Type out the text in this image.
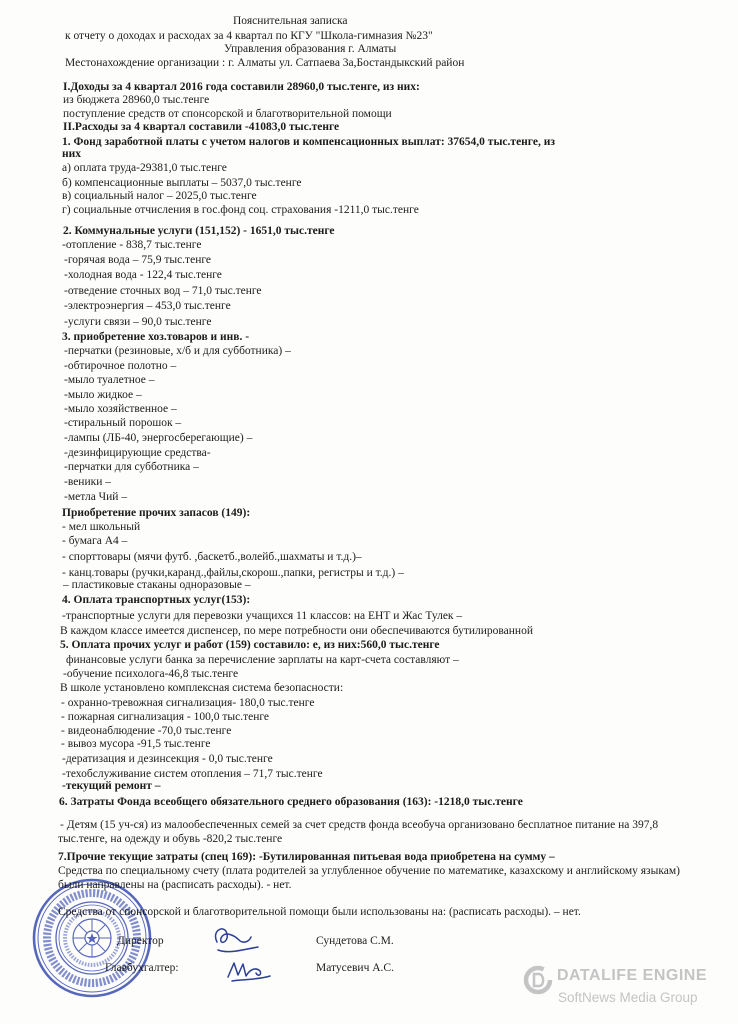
Пояснительная записка
к отчету о доходах и расходах за 4 квартал по КГУ "Школа-гимназия №23"
Управления образования г. Алматы
Местонахождение организации : г. Алматы ул. Сатпаева 3а,Бостандыкский район
I.Доходы за 4 квартал 2016 года составили 28960,0 тыс.тенге, из них:
из бюджета 28960,0 тыс.тенге
поступление средств от спонсорской и благотворительной помощи
II.Расходы за 4 квартал составили -41083,0 тыс.тенге
1. Фонд заработной платы с учетом налогов и компенсационных выплат: 37654,0 тыс.тенге, из
них
а) оплата труда-29381,0 тыс.тенге
б) компенсационные выплаты – 5037,0 тыс.тенге
в) социальный налог – 2025,0 тыс.тенге
г) социальные отчисления в гос.фонд соц. страхования -1211,0 тыс.тенге
2. Коммунальные услуги (151,152) - 1651,0 тыс.тенге
-отопление - 838,7 тыс.тенге
-горячая вода – 75,9 тыс.тенге
-холодная вода - 122,4 тыс.тенге
-отведение сточных вод – 71,0 тыс.тенге
-электроэнергия – 453,0 тыс.тенге
-услуги связи – 90,0 тыс.тенге
3. приобретение хоз.товаров и инв. -
-перчатки (резиновые, х/б и для субботника) –
-обтирочное полотно –
-мыло туалетное –
-мыло жидкое –
-мыло хозяйственное –
-стиральный порошок –
-лампы (ЛБ-40, энергосберегающие) –
-дезинфицирующие средства-
-перчатки для субботника –
-веники –
-метла Чий –
Приобретение прочих запасов (149):
- мел школьный
- бумага А4 –
- спорттовары (мячи футб. ,баскетб.,волейб.,шахматы и т.д.)–
- канц.товары (ручки,каранд.,файлы,скорош.,папки, регистры и т.д.) –
– пластиковые стаканы одноразовые –
4. Оплата транспортных услуг(153):
-транспортные услуги для перевозки учащихся 11 классов: на ЕНТ и Жас Тулек –
В каждом классе имеется диспенсер, по мере потребности они обеспечиваются бутилированной
5. Оплата прочих услуг и работ (159) составило: е, из них:560,0 тыс.тенге
финансовые услуги банка за перечисление зарплаты на карт-счета составляют –
-обучение психолога-46,8 тыс.тенге
В школе установлено комплексная система безопасности:
- охранно-тревожная сигнализация- 180,0 тыс.тенге
- пожарная сигнализация - 100,0 тыс.тенге
- видеонаблюдение -70,0 тыс.тенге
- вывоз мусора -91,5 тыс.тенге
-дератизация и дезинсекция - 0,0 тыс.тенге
-техобслуживание систем отопления – 71,7 тыс.тенге
-текущий ремонт –
6. Затраты Фонда всеобщего обязательного среднего образования (163): -1218,0 тыс.тенге
- Детям (15 уч-ся) из малообеспеченных семей за счет средств фонда всеобуча организовано бесплатное питание на 397,8
тыс.тенге, на одежду и обувь -820,2 тыс.тенге
7.Прочие текущие затраты (спец 169): -Бутилированная питьевая вода приобретена на сумму –
Средства по специальному счету (плата родителей за углубленное обучение по математике, казахскому и английскому языкам)
были направлены на (расписать расходы). - нет.
Средства от спонсорской и благотворительной помощи были использованы на: (расписать расходы). – нет.
Директор	Сундетова С.М.
Главбухгалтер:	Матусевич А.С.	DATALIFE ENGINE
SoftNews Media Group
